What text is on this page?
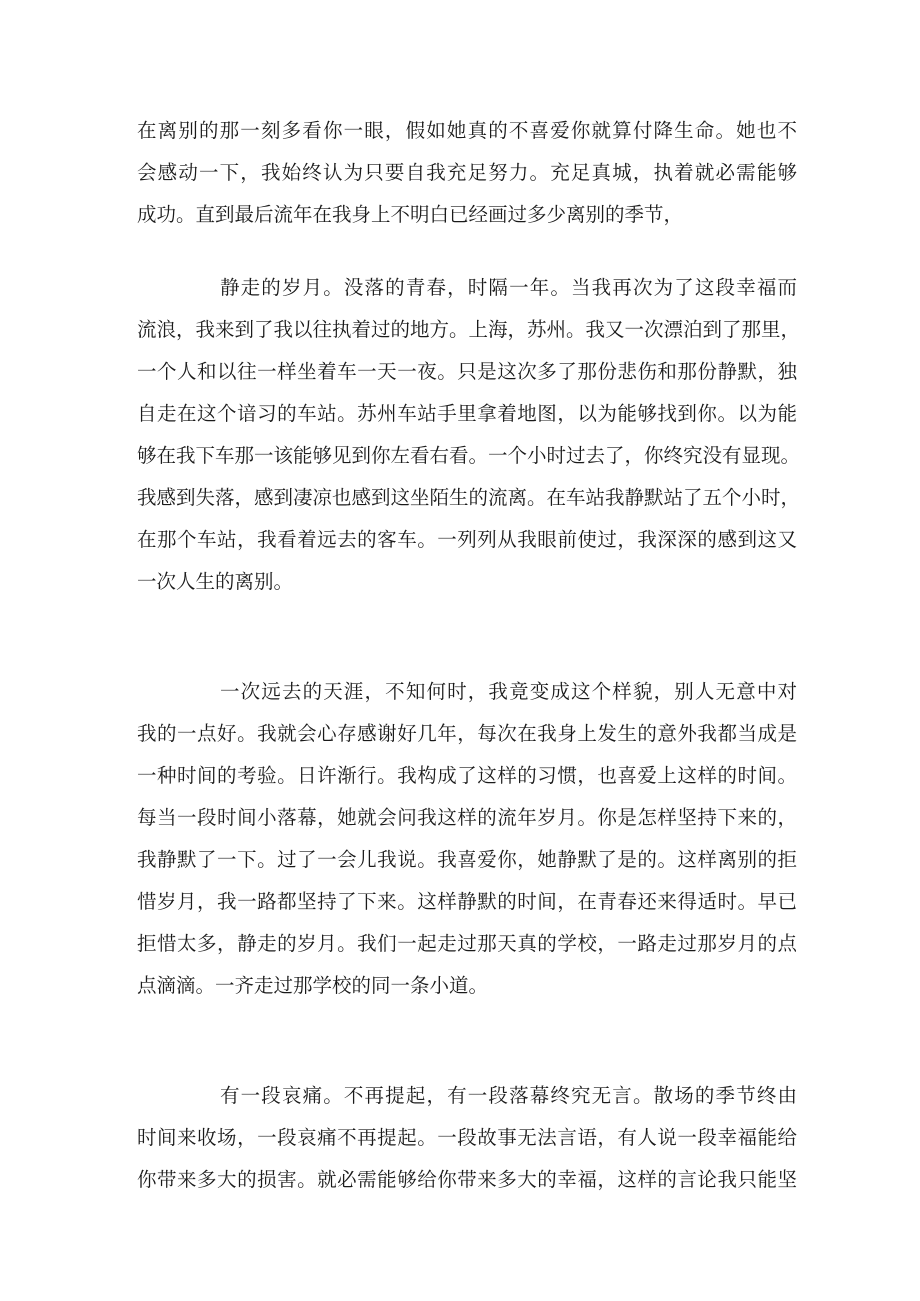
在离别的那一刻多看你一眼，假如她真的不喜爱你就算付降生命。她也不
会感动一下，我始终认为只要自我充足努力。充足真城，执着就必需能够
成功。直到最后流年在我身上不明白已经画过多少离别的季节，
静走的岁月。没落的青春，时隔一年。当我再次为了这段幸福而
流浪，我来到了我以往执着过的地方。上海，苏州。我又一次漂泊到了那里，
一个人和以往一样坐着车一天一夜。只是这次多了那份悲伤和那份静默，独
自走在这个谙习的车站。苏州车站手里拿着地图，以为能够找到你。以为能
够在我下车那一该能够见到你左看右看。一个小时过去了，你终究没有显现。
我感到失落，感到凄凉也感到这坐陌生的流离。在车站我静默站了五个小时，
在那个车站，我看着远去的客车。一列列从我眼前使过，我深深的感到这又
一次人生的离别。
一次远去的天涯，不知何时，我竟变成这个样貌，别人无意中对
我的一点好。我就会心存感谢好几年，每次在我身上发生的意外我都当成是
一种时间的考验。日许渐行。我构成了这样的习惯，也喜爱上这样的时间。
每当一段时间小落幕，她就会问我这样的流年岁月。你是怎样坚持下来的，
我静默了一下。过了一会儿我说。我喜爱你，她静默了是的。这样离别的拒
惜岁月，我一路都坚持了下来。这样静默的时间，在青春还来得适时。早已
拒惜太多，静走的岁月。我们一起走过那天真的学校，一路走过那岁月的点
点滴滴。一齐走过那学校的同一条小道。
有一段哀痛。不再提起，有一段落幕终究无言。散场的季节终由
时间来收场，一段哀痛不再提起。一段故事无法言语，有人说一段幸福能给
你带来多大的损害。就必需能够给你带来多大的幸福，这样的言论我只能坚
